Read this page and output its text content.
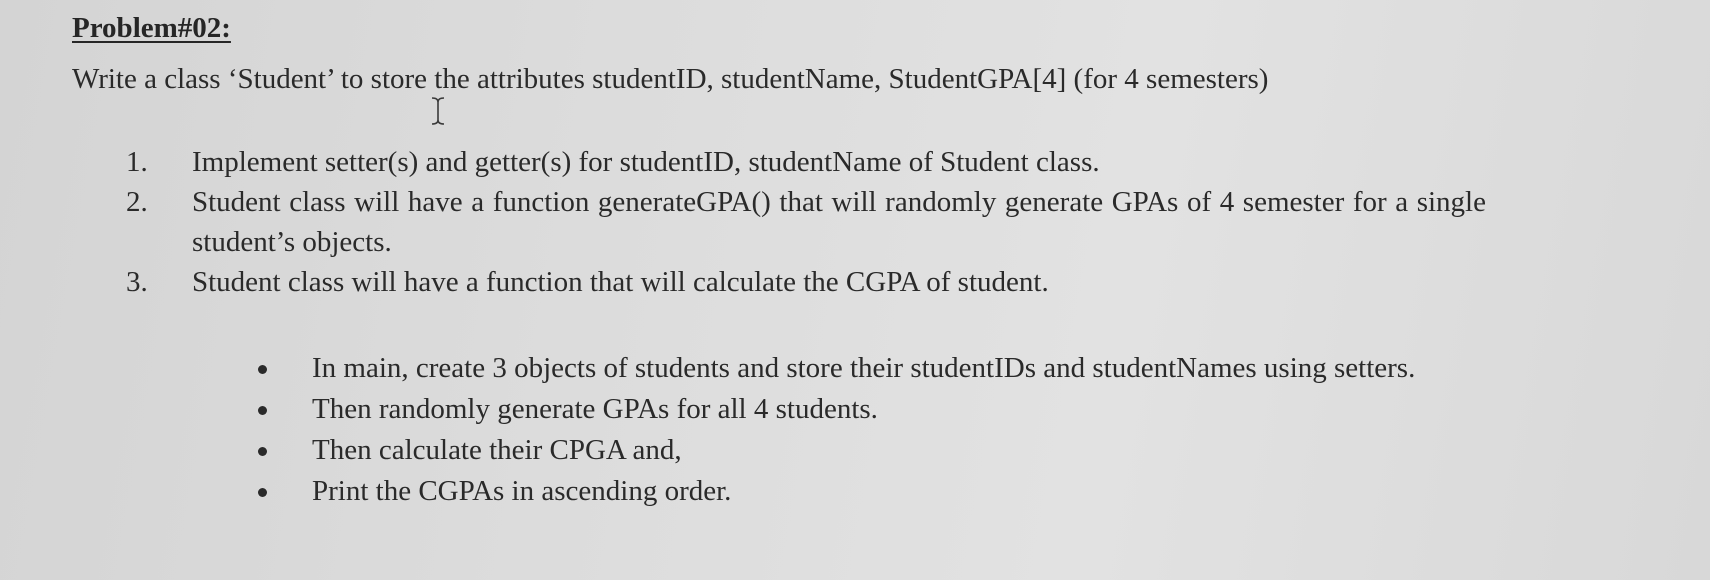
Problem#02:

Write a class ‘Student’ to store the attributes studentID, studentName, StudentGPA[4] (for 4 semesters)

1.	Implement setter(s) and getter(s) for studentID, studentName of Student class.
2.	Student class will have a function generateGPA() that will randomly generate GPAs of 4 semester for a single student’s objects.
3.	Student class will have a function that will calculate the CGPA of student.
In main, create 3 objects of students and store their studentIDs and studentNames using setters.
Then randomly generate GPAs for all 4 students.
Then calculate their CPGA and,
Print the CGPAs in ascending order.
